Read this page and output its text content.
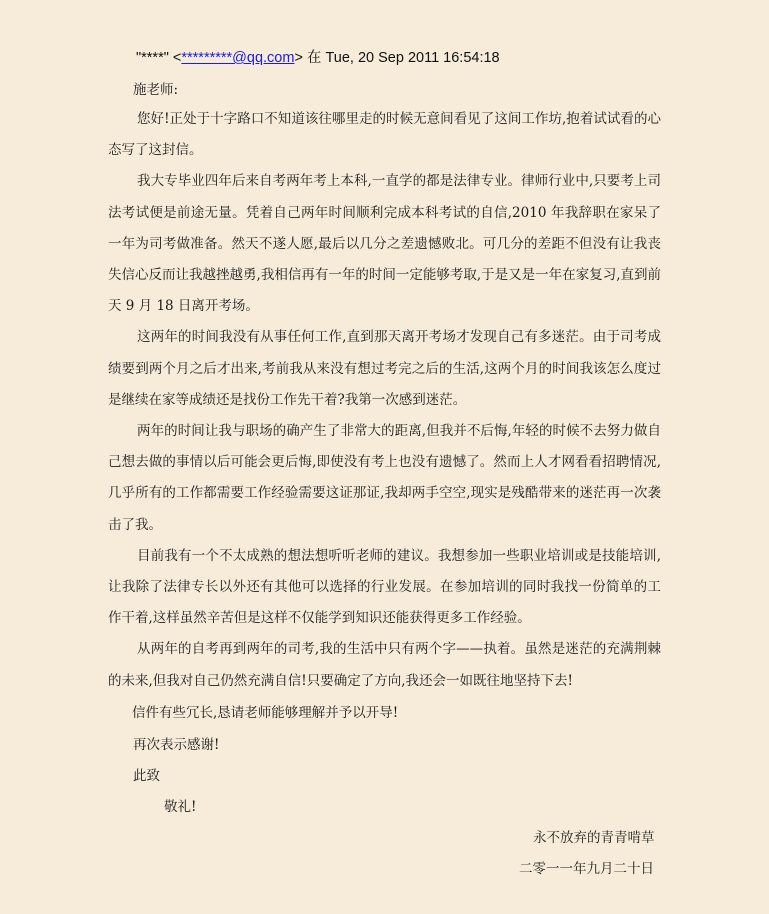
"****" <*********@qq.com> 在 Tue, 20 Sep 2011 16:54:18
施老师:

您好!正处于十字路口不知道该往哪里走的时候无意间看见了这间工作坊,抱着试试看的心态写了这封信。

我大专毕业四年后来自考两年考上本科,一直学的都是法律专业。律师行业中,只要考上司法考试便是前途无量。凭着自己两年时间顺利完成本科考试的自信,2010 年我辞职在家呆了一年为司考做准备。然天不遂人愿,最后以几分之差遗憾败北。可几分的差距不但没有让我丧失信心反而让我越挫越勇,我相信再有一年的时间一定能够考取,于是又是一年在家复习,直到前天 9 月 18 日离开考场。

这两年的时间我没有从事任何工作,直到那天离开考场才发现自己有多迷茫。由于司考成绩要到两个月之后才出来,考前我从来没有想过考完之后的生活,这两个月的时间我该怎么度过是继续在家等成绩还是找份工作先干着?我第一次感到迷茫。

两年的时间让我与职场的确产生了非常大的距离,但我并不后悔,年轻的时候不去努力做自己想去做的事情以后可能会更后悔,即使没有考上也没有遗憾了。然而上人才网看看招聘情况,几乎所有的工作都需要工作经验需要这证那证,我却两手空空,现实是残酷带来的迷茫再一次袭击了我。

目前我有一个不太成熟的想法想听听老师的建议。我想参加一些职业培训或是技能培训,让我除了法律专长以外还有其他可以选择的行业发展。在参加培训的同时我找一份简单的工作干着,这样虽然辛苦但是这样不仅能学到知识还能获得更多工作经验。

从两年的自考再到两年的司考,我的生活中只有两个字——执着。虽然是迷茫的充满荆棘的未来,但我对自己仍然充满自信!只要确定了方向,我还会一如既往地坚持下去!

信件有些冗长,恳请老师能够理解并予以开导!
再次表示感谢!
此致
敬礼!
永不放弃的青青啃草
二零一一年九月二十日
